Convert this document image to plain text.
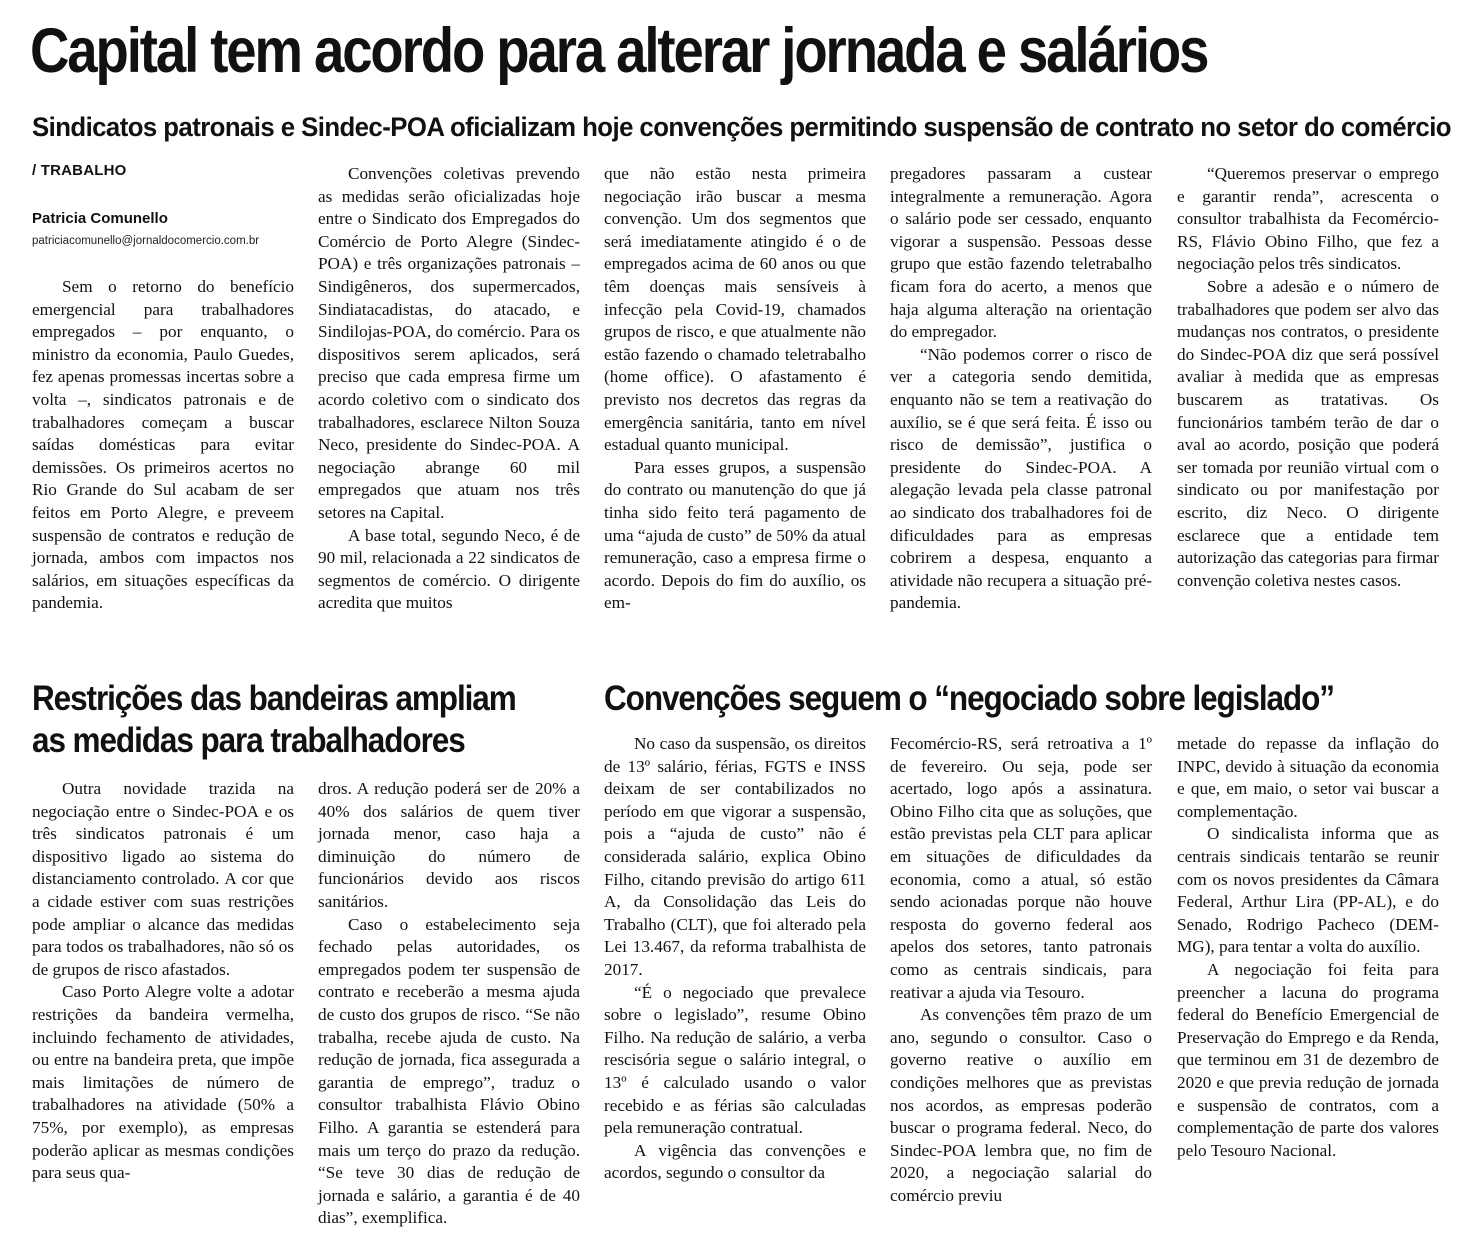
Capital tem acordo para alterar jornada e salários
Sindicatos patronais e Sindec-POA oficializam hoje convenções permitindo suspensão de contrato no setor do comércio
/ TRABALHO
Patricia Comunello
patriciacomunello@jornaldocomercio.com.br

Sem o retorno do benefício emergencial para trabalhadores empregados – por enquanto, o ministro da economia, Paulo Guedes, fez apenas promessas incertas sobre a volta –, sindicatos patronais e de trabalhadores começam a buscar saídas domésticas para evitar demissões. Os primeiros acertos no Rio Grande do Sul acabam de ser feitos em Porto Alegre, e preveem suspensão de contratos e redução de jornada, ambos com impactos nos salários, em situações específicas da pandemia.

Convenções coletivas prevendo as medidas serão oficializadas hoje entre o Sindicato dos Empregados do Comércio de Porto Alegre (Sindec-POA) e três organizações patronais – Sindigêneros, dos supermercados, Sindiatacadistas, do atacado, e Sindilojas-POA, do comércio. Para os dispositivos serem aplicados, será preciso que cada empresa firme um acordo coletivo com o sindicato dos trabalhadores, esclarece Nilton Souza Neco, presidente do Sindec-POA. A negociação abrange 60 mil empregados que atuam nos três setores na Capital.

A base total, segundo Neco, é de 90 mil, relacionada a 22 sindicatos de segmentos de comércio. O dirigente acredita que muitos

que não estão nesta primeira negociação irão buscar a mesma convenção. Um dos segmentos que será imediatamente atingido é o de empregados acima de 60 anos ou que têm doenças mais sensíveis à infecção pela Covid-19, chamados grupos de risco, e que atualmente não estão fazendo o chamado teletrabalho (home office). O afastamento é previsto nos decretos das regras da emergência sanitária, tanto em nível estadual quanto municipal.

Para esses grupos, a suspensão do contrato ou manutenção do que já tinha sido feito terá pagamento de uma “ajuda de custo” de 50% da atual remuneração, caso a empresa firme o acordo. Depois do fim do auxílio, os em-

pregadores passaram a custear integralmente a remuneração. Agora o salário pode ser cessado, enquanto vigorar a suspensão. Pessoas desse grupo que estão fazendo teletrabalho ficam fora do acerto, a menos que haja alguma alteração na orientação do empregador.

“Não podemos correr o risco de ver a categoria sendo demitida, enquanto não se tem a reativação do auxílio, se é que será feita. É isso ou risco de demissão”, justifica o presidente do Sindec-POA. A alegação levada pela classe patronal ao sindicato dos trabalhadores foi de dificuldades para as empresas cobrirem a despesa, enquanto a atividade não recupera a situação pré-pandemia.

“Queremos preservar o emprego e garantir renda”, acrescenta o consultor trabalhista da Fecomércio-RS, Flávio Obino Filho, que fez a negociação pelos três sindicatos.

Sobre a adesão e o número de trabalhadores que podem ser alvo das mudanças nos contratos, o presidente do Sindec-POA diz que será possível avaliar à medida que as empresas buscarem as tratativas. Os funcionários também terão de dar o aval ao acordo, posição que poderá ser tomada por reunião virtual com o sindicato ou por manifestação por escrito, diz Neco. O dirigente esclarece que a entidade tem autorização das categorias para firmar convenção coletiva nestes casos.

Restrições das bandeiras ampliam
as medidas para trabalhadores

Outra novidade trazida na negociação entre o Sindec-POA e os três sindicatos patronais é um dispositivo ligado ao sistema do distanciamento controlado. A cor que a cidade estiver com suas restrições pode ampliar o alcance das medidas para todos os trabalhadores, não só os de grupos de risco afastados.

Caso Porto Alegre volte a adotar restrições da bandeira vermelha, incluindo fechamento de atividades, ou entre na bandeira preta, que impõe mais limitações de número de trabalhadores na atividade (50% a 75%, por exemplo), as empresas poderão aplicar as mesmas condições para seus qua-

dros. A redução poderá ser de 20% a 40% dos salários de quem tiver jornada menor, caso haja a diminuição do número de funcionários devido aos riscos sanitários.

Caso o estabelecimento seja fechado pelas autoridades, os empregados podem ter suspensão de contrato e receberão a mesma ajuda de custo dos grupos de risco. “Se não trabalha, recebe ajuda de custo. Na redução de jornada, fica assegurada a garantia de emprego”, traduz o consultor trabalhista Flávio Obino Filho. A garantia se estenderá para mais um terço do prazo da redução. “Se teve 30 dias de redução de jornada e salário, a garantia é de 40 dias”, exemplifica.

Convenções seguem o “negociado sobre legislado”

No caso da suspensão, os direitos de 13º salário, férias, FGTS e INSS deixam de ser contabilizados no período em que vigorar a suspensão, pois a “ajuda de custo” não é considerada salário, explica Obino Filho, citando previsão do artigo 611 A, da Consolidação das Leis do Trabalho (CLT), que foi alterado pela Lei 13.467, da reforma trabalhista de 2017.

“É o negociado que prevalece sobre o legislado”, resume Obino Filho. Na redução de salário, a verba rescisória segue o salário integral, o 13º é calculado usando o valor recebido e as férias são calculadas pela remuneração contratual.

A vigência das convenções e acordos, segundo o consultor da

Fecomércio-RS, será retroativa a 1º de fevereiro. Ou seja, pode ser acertado, logo após a assinatura. Obino Filho cita que as soluções, que estão previstas pela CLT para aplicar em situações de dificuldades da economia, como a atual, só estão sendo acionadas porque não houve resposta do governo federal aos apelos dos setores, tanto patronais como as centrais sindicais, para reativar a ajuda via Tesouro.

As convenções têm prazo de um ano, segundo o consultor. Caso o governo reative o auxílio em condições melhores que as previstas nos acordos, as empresas poderão buscar o programa federal. Neco, do Sindec-POA lembra que, no fim de 2020, a negociação salarial do comércio previu

metade do repasse da inflação do INPC, devido à situação da economia e que, em maio, o setor vai buscar a complementação.

O sindicalista informa que as centrais sindicais tentarão se reunir com os novos presidentes da Câmara Federal, Arthur Lira (PP-AL), e do Senado, Rodrigo Pacheco (DEM-MG), para tentar a volta do auxílio.

A negociação foi feita para preencher a lacuna do programa federal do Benefício Emergencial de Preservação do Emprego e da Renda, que terminou em 31 de dezembro de 2020 e que previa redução de jornada e suspensão de contratos, com a complementação de parte dos valores pelo Tesouro Nacional.
